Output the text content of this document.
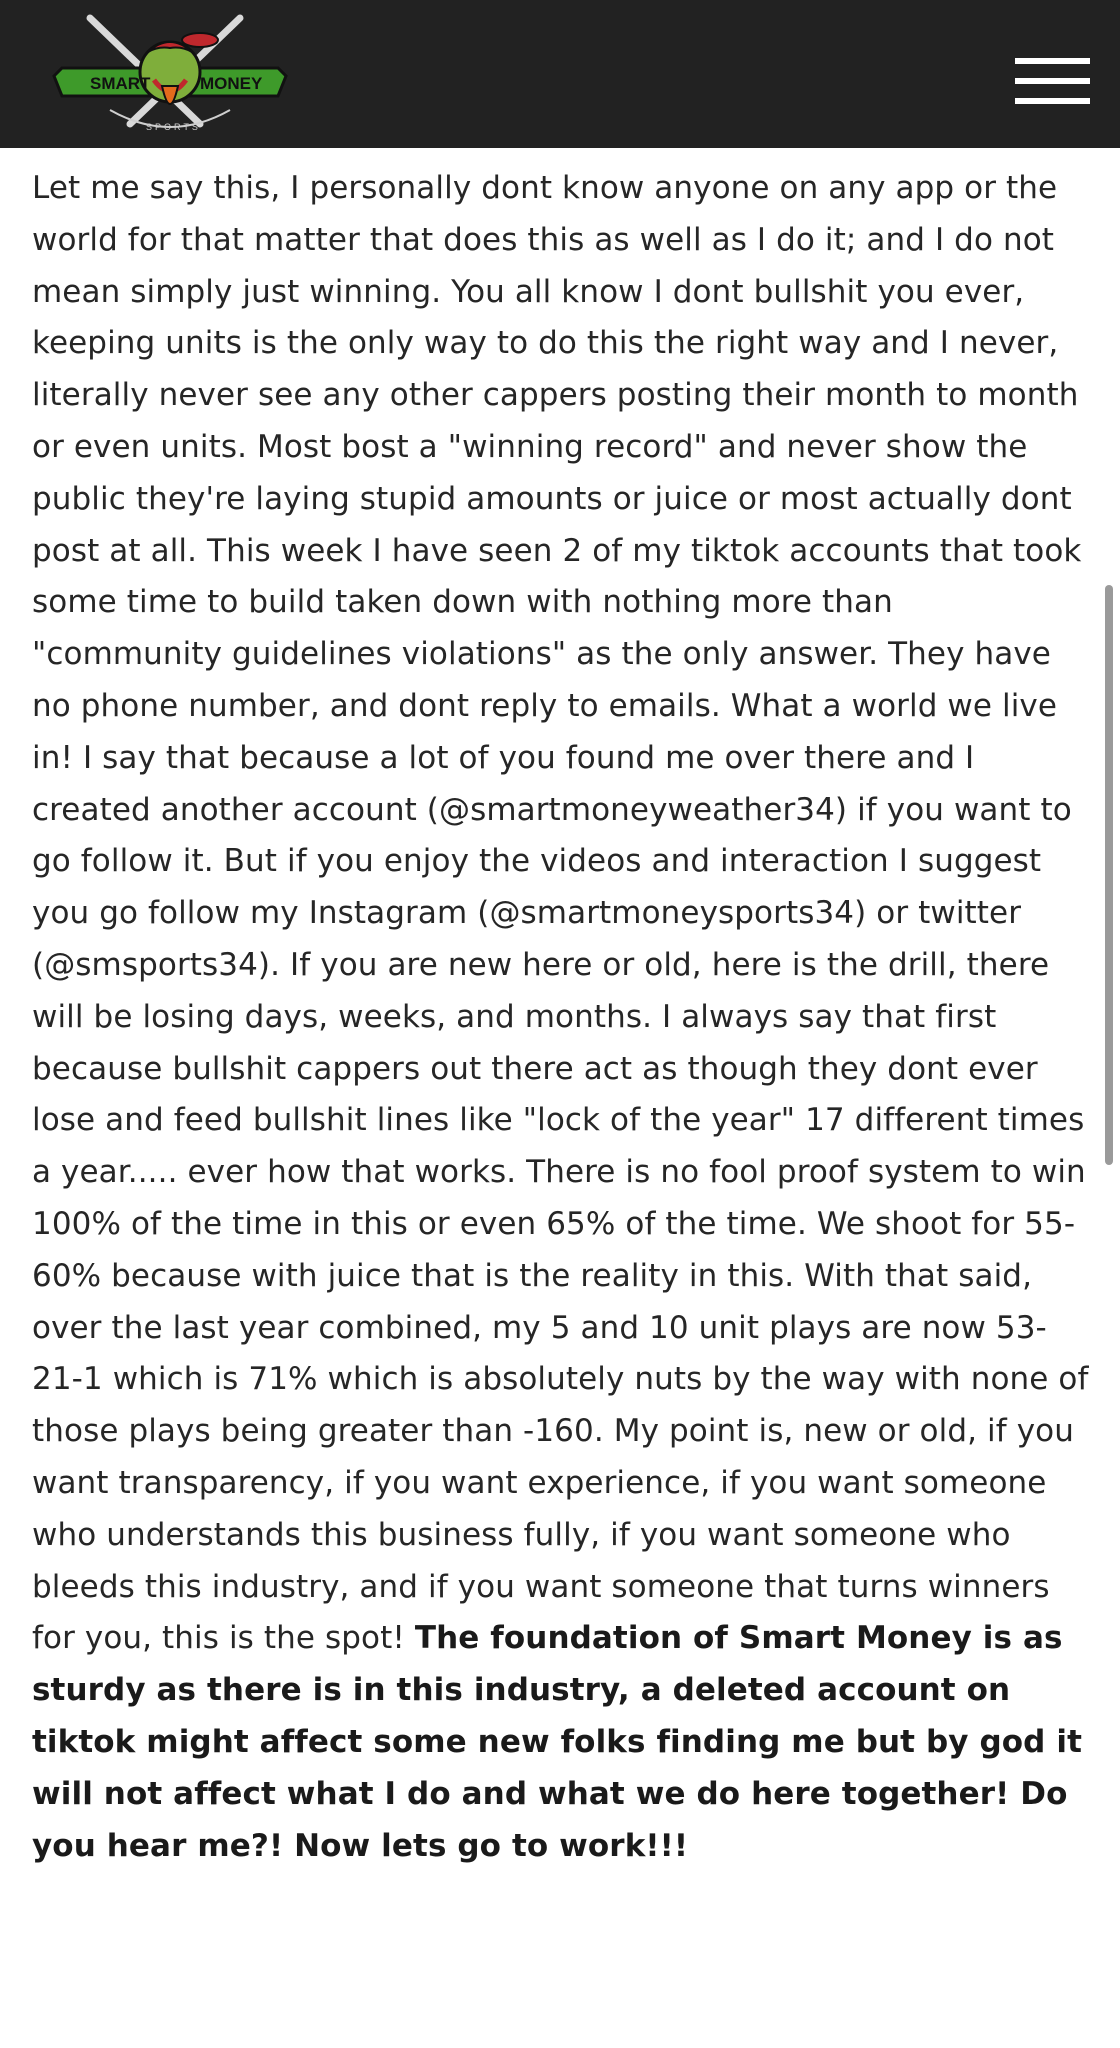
SMART	MONEY
SPORTS

Let me say this, I personally dont know anyone on any app or the world for that matter that does this as well as I do it; and I do not mean simply just winning. You all know I dont bullshit you ever, keeping units is the only way to do this the right way and I never, literally never see any other cappers posting their month to month or even units. Most bost a "winning record" and never show the public they're laying stupid amounts or juice or most actually dont post at all. This week I have seen 2 of my tiktok accounts that took some time to build taken down with nothing more than "community guidelines violations" as the only answer. They have no phone number, and dont reply to emails. What a world we live in! I say that because a lot of you found me over there and I created another account (@smartmoneyweather34) if you want to go follow it. But if you enjoy the videos and interaction I suggest you go follow my Instagram (@smartmoneysports34) or twitter (@smsports34). If you are new here or old, here is the drill, there will be losing days, weeks, and months. I always say that first because bullshit cappers out there act as though they dont ever lose and feed bullshit lines like "lock of the year" 17 different times a year..... ever how that works. There is no fool proof system to win 100% of the time in this or even 65% of the time. We shoot for 55-60% because with juice that is the reality in this. With that said, over the last year combined, my 5 and 10 unit plays are now 53-21-1 which is 71% which is absolutely nuts by the way with none of those plays being greater than -160. My point is, new or old, if you want transparency, if you want experience, if you want someone who understands this business fully, if you want someone who bleeds this industry, and if you want someone that turns winners for you, this is the spot! The foundation of Smart Money is as sturdy as there is in this industry, a deleted account on tiktok might affect some new folks finding me but by god it will not affect what I do and what we do here together! Do you hear me?! Now lets go to work!!!
